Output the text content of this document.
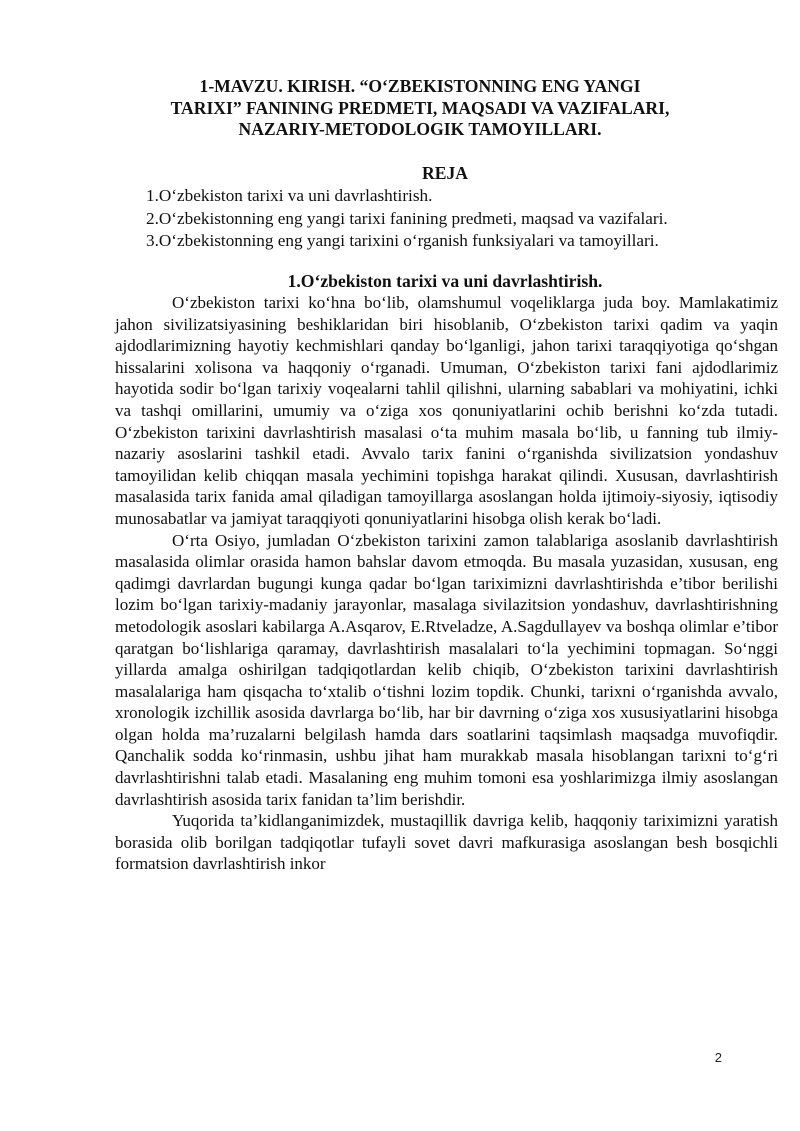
1-MAVZU. KIRISH. “O‘ZBEKISTONNING ENG YANGI
TARIXI” FANINING PREDMETI, MAQSADI VA VAZIFALARI,
NAZARIY-METODOLOGIK TAMOYILLARI.
REJA
1.O‘zbekiston tarixi va uni davrlashtirish.
2.O‘zbekistonning eng yangi tarixi fanining predmeti, maqsad va vazifalari.
3.O‘zbekistonning eng yangi tarixini o‘rganish funksiyalari va tamoyillari.
1.O‘zbekiston tarixi va uni davrlashtirish.

O‘zbekiston tarixi ko‘hna bo‘lib, olamshumul voqeliklarga juda boy. Mamlakatimiz jahon sivilizatsiyasining beshiklaridan biri hisoblanib, O‘zbekiston tarixi qadim va yaqin ajdodlarimizning hayotiy kechmishlari qanday bo‘lganligi, jahon tarixi taraqqiyotiga qo‘shgan hissalarini xolisona va haqqoniy o‘rganadi. Umuman, O‘zbekiston tarixi fani ajdodlarimiz hayotida sodir bo‘lgan tarixiy voqealarni tahlil qilishni, ularning sabablari va mohiyatini, ichki va tashqi omillarini, umumiy va o‘ziga xos qonuniyatlarini ochib berishni ko‘zda tutadi. O‘zbekiston tarixini davrlashtirish masalasi o‘ta muhim masala bo‘lib, u fanning tub ilmiy-nazariy asoslarini tashkil etadi. Avvalo tarix fanini o‘rganishda sivilizatsion yondashuv tamoyilidan kelib chiqqan masala yechimini topishga harakat qilindi. Xususan, davrlashtirish masalasida tarix fanida amal qiladigan tamoyillarga asoslangan holda ijtimoiy-siyosiy, iqtisodiy munosabatlar va jamiyat taraqqiyoti qonuniyatlarini hisobga olish kerak bo‘ladi.

O‘rta Osiyo, jumladan O‘zbekiston tarixini zamon talablariga asoslanib davrlashtirish masalasida olimlar orasida hamon bahslar davom etmoqda. Bu masala yuzasidan, xususan, eng qadimgi davrlardan bugungi kunga qadar bo‘lgan tariximizni davrlashtirishda e’tibor berilishi lozim bo‘lgan tarixiy-madaniy jarayonlar, masalaga sivilazitsion yondashuv, davrlashtirishning metodologik asoslari kabilarga A.Asqarov, E.Rtveladze, A.Sagdullayev va boshqa olimlar e’tibor qaratgan bo‘lishlariga qaramay, davrlashtirish masalalari to‘la yechimini topmagan. So‘nggi yillarda amalga oshirilgan tadqiqotlardan kelib chiqib, O‘zbekiston tarixini davrlashtirish masalalariga ham qisqacha to‘xtalib o‘tishni lozim topdik. Chunki, tarixni o‘rganishda avvalo, xronologik izchillik asosida davrlarga bo‘lib, har bir davrning o‘ziga xos xususiyatlarini hisobga olgan holda ma’ruzalarni belgilash hamda dars soatlarini taqsimlash maqsadga muvofiqdir. Qanchalik sodda ko‘rinmasin, ushbu jihat ham murakkab masala hisoblangan tarixni to‘g‘ri davrlashtirishni talab etadi. Masalaning eng muhim tomoni esa yoshlarimizga ilmiy asoslangan davrlashtirish asosida tarix fanidan ta’lim berishdir.

Yuqorida ta’kidlanganimizdek, mustaqillik davriga kelib, haqqoniy tariximizni yaratish borasida olib borilgan tadqiqotlar tufayli sovet davri mafkurasiga asoslangan besh bosqichli formatsion davrlashtirish inkor

2
